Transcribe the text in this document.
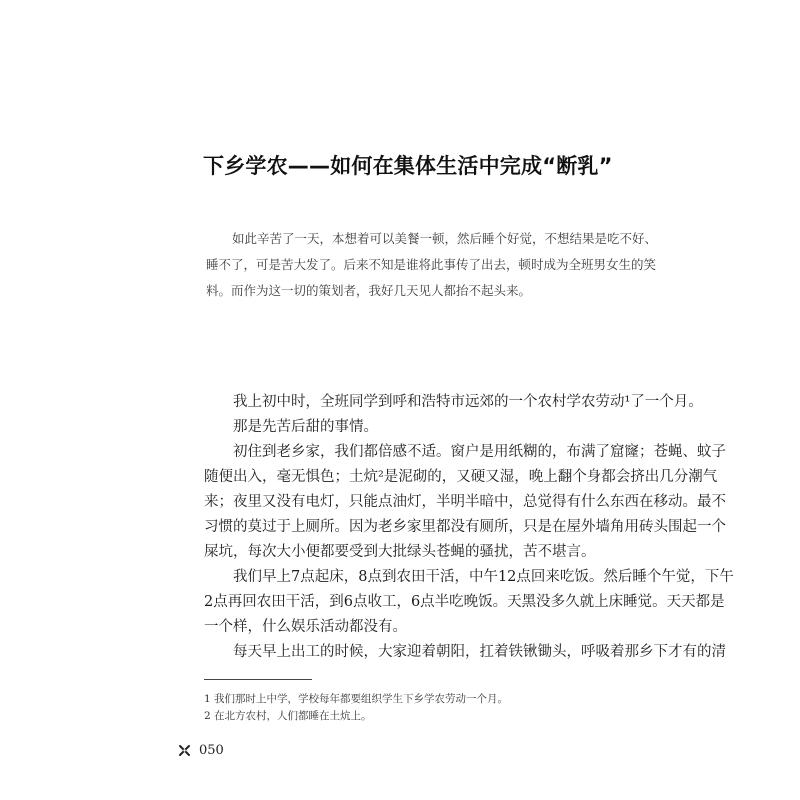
下乡学农——如何在集体生活中完成“断乳”

如此辛苦了一天，本想着可以美餐一顿，然后睡个好觉，不想结果是吃不好、

睡不了，可是苦大发了。后来不知是谁将此事传了出去，顿时成为全班男女生的笑

料。而作为这一切的策划者，我好几天见人都抬不起头来。

我上初中时，全班同学到呼和浩特市远郊的一个农村学农劳动¹了一个月。

那是先苦后甜的事情。

初住到老乡家，我们都倍感不适。窗户是用纸糊的，布满了窟窿；苍蝇、蚊子

随便出入，毫无惧色；土炕²是泥砌的，又硬又湿，晚上翻个身都会挤出几分潮气

来；夜里又没有电灯，只能点油灯，半明半暗中，总觉得有什么东西在移动。最不

习惯的莫过于上厕所。因为老乡家里都没有厕所，只是在屋外墙角用砖头围起一个

屎坑，每次大小便都要受到大批绿头苍蝇的骚扰，苦不堪言。

我们早上7点起床，8点到农田干活，中午12点回来吃饭。然后睡个午觉，下午

2点再回农田干活，到6点收工，6点半吃晚饭。天黑没多久就上床睡觉。天天都是

一个样，什么娱乐活动都没有。

每天早上出工的时候，大家迎着朝阳，扛着铁锹锄头，呼吸着那乡下才有的清

1 我们那时上中学，学校每年都要组织学生下乡学农劳动一个月。

2 在北方农村，人们都睡在土炕上。

050
